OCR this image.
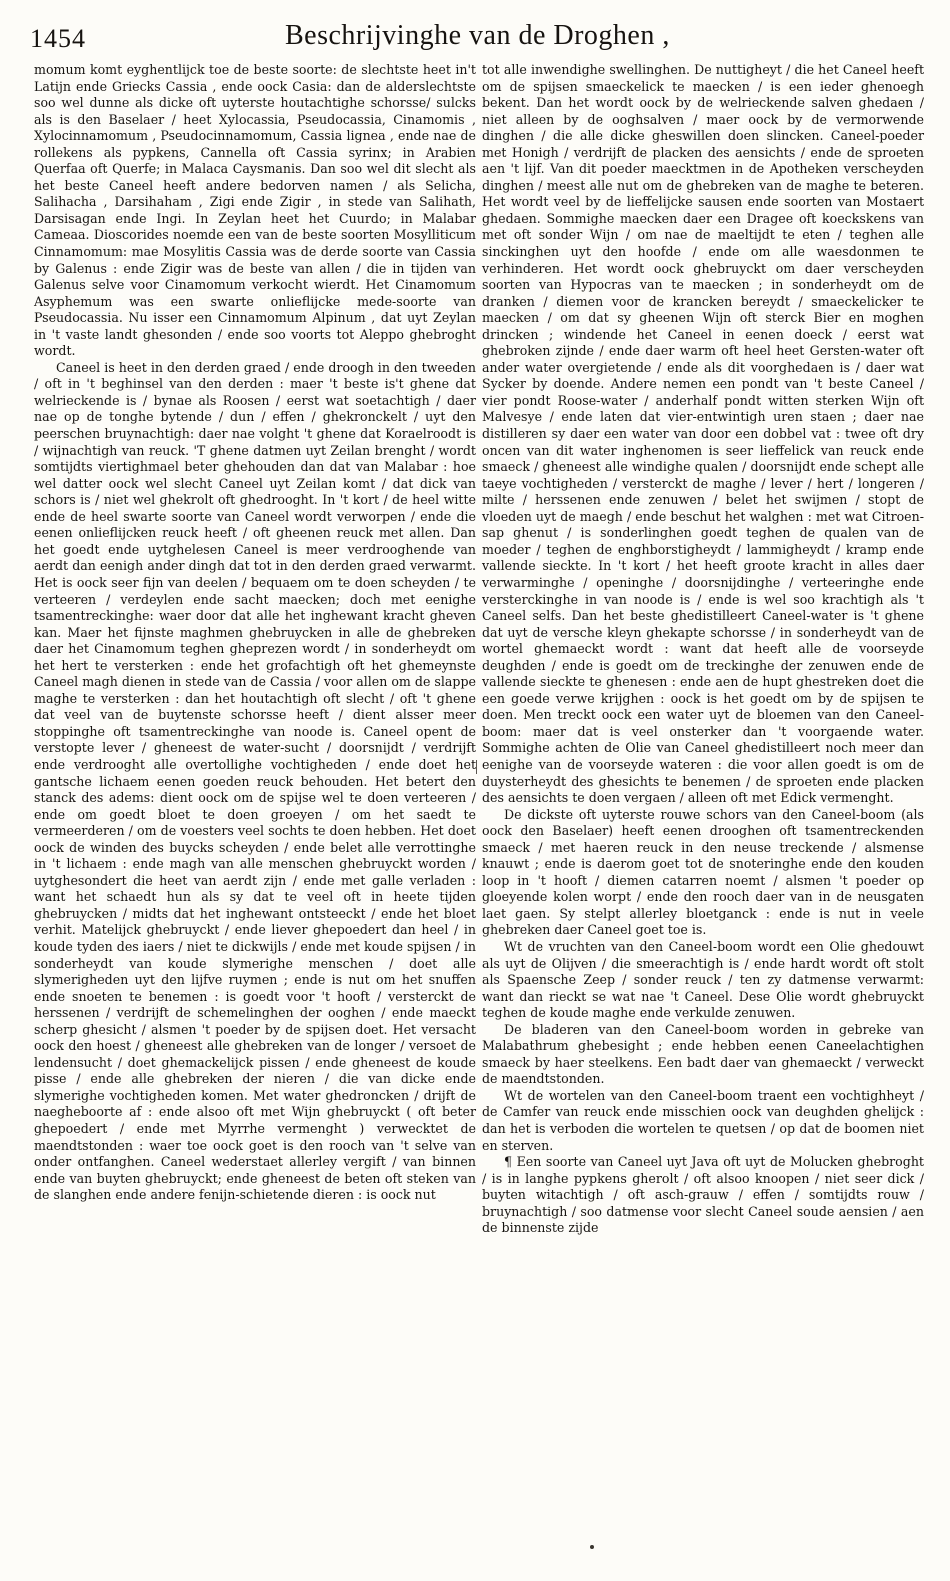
1454	Beschrijvinghe van de Droghen ,

momum komt eyghentlijck toe de beste soorte: de slechtste heet in't Latijn ende Griecks Cassia , ende oock Casia: dan de alderslechtste soo wel dunne als dicke oft uyterste houtachtighe schorsse/ sulcks als is den Baselaer / heet Xylocassia, Pseudocassia, Cinamomis , Xylocinnamomum , Pseudocinnamomum, Cassia lignea , ende nae de rollekens als pypkens, Cannella oft Cassia syrinx; in Arabien Querfaa oft Querfe; in Malaca Caysmanis. Dan soo wel dit slecht als het beste Caneel heeft andere bedorven namen / als Selicha, Salihacha , Darsihaham , Zigi ende Zigir , in stede van Salihath, Darsisagan ende Ingi. In Zeylan heet het Cuurdo; in Malabar Cameaa. Dioscorides noemde een van de beste soorten Mosylliticum Cinnamomum: mae Mosylitis Cassia was de derde soorte van Cassia by Galenus : ende Zigir was de beste van allen / die in tijden van Galenus selve voor Cinamomum verkocht wierdt. Het Cinamomum Asyphemum was een swarte onlieflijcke mede-soorte van Pseudocassia. Nu isser een Cinnamomum Alpinum , dat uyt Zeylan in 't vaste landt ghesonden / ende soo voorts tot Aleppo ghebroght wordt.

Caneel is heet in den derden graed / ende droogh in den tweeden / oft in 't beghinsel van den derden : maer 't beste is't ghene dat welrieckende is / bynae als Roosen / eerst wat soetachtigh / daer nae op de tonghe bytende / dun / effen / ghekronckelt / uyt den peerschen bruynachtigh: daer nae volght 't ghene dat Koraelroodt is / wijnachtigh van reuck. 'T ghene datmen uyt Zeilan brenght / wordt somtijdts viertighmael beter ghehouden dan dat van Malabar : hoe wel datter oock wel slecht Caneel uyt Zeilan komt / dat dick van schors is / niet wel ghekrolt oft ghedrooght. In 't kort / de heel witte ende de heel swarte soorte van Caneel wordt verworpen / ende die eenen onlieflijcken reuck heeft / oft gheenen reuck met allen. Dan het goedt ende uytghelesen Caneel is meer verdrooghende van aerdt dan eenigh ander dingh dat tot in den derden graed verwarmt. Het is oock seer fijn van deelen / bequaem om te doen scheyden / te verteeren / verdeylen ende sacht maecken; doch met eenighe tsamentreckinghe: waer door dat alle het inghewant kracht gheven kan. Maer het fijnste maghmen ghebruycken in alle de ghebreken daer het Cinamomum teghen gheprezen wordt / in sonderheydt om het hert te versterken : ende het grofachtigh oft het ghemeynste Caneel magh dienen in stede van de Cassia / voor allen om de slappe maghe te versterken : dan het houtachtigh oft slecht / oft 't ghene dat veel van de buytenste schorsse heeft / dient alsser meer stoppinghe oft tsamentreckinghe van noode is. Caneel opent de verstopte lever / gheneest de water-sucht / doorsnijdt / verdrijft ende verdrooght alle overtollighe vochtigheden / ende doet het gantsche lichaem eenen goeden reuck behouden. Het betert den stanck des adems: dient oock om de spijse wel te doen verteeren / ende om goedt bloet te doen groeyen / om het saedt te vermeerderen / om de voesters veel sochts te doen hebben. Het doet oock de winden des buycks scheyden / ende belet alle verrottinghe in 't lichaem : ende magh van alle menschen ghebruyckt worden / uytghesondert die heet van aerdt zijn / ende met galle verladen : want het schaedt hun als sy dat te veel oft in heete tijden ghebruycken / midts dat het inghewant ontsteeckt / ende het bloet verhit. Matelijck ghebruyckt / ende liever ghepoedert dan heel / in koude tyden des iaers / niet te dickwijls / ende met koude spijsen / in sonderheydt van koude slymerighe menschen / doet alle slymerigheden uyt den lijfve ruymen ; ende is nut om het snuffen ende snoeten te benemen : is goedt voor 't hooft / versterckt de herssenen / verdrijft de schemelinghen der ooghen / ende maeckt scherp ghesicht / alsmen 't poeder by de spijsen doet. Het versacht oock den hoest / gheneest alle ghebreken van de longer / versoet de lendensucht / doet ghemackelijck pissen / ende gheneest de koude pisse / ende alle ghebreken der nieren / die van dicke ende slymerighe vochtigheden komen. Met water ghedroncken / drijft de naegheboorte af : ende alsoo oft met Wijn ghebruyckt ( oft beter ghepoedert / ende met Myrrhe vermenght ) verwecktet de maendtstonden : waer toe oock goet is den rooch van 't selve van onder ontfanghen. Caneel wederstaet allerley vergift / van binnen ende van buyten ghebruyckt; ende gheneest de beten oft steken van de slanghen ende andere fenijn-schietende dieren : is oock nut

tot alle inwendighe swellinghen. De nuttigheyt / die het Caneel heeft om de spijsen smaeckelick te maecken / is een ieder ghenoegh bekent. Dan het wordt oock by de welrieckende salven ghedaen / niet alleen by de ooghsalven / maer oock by de vermorwende dinghen / die alle dicke gheswillen doen slincken. Caneel-poeder met Honigh / verdrijft de placken des aensichts / ende de sproeten aen 't lijf. Van dit poeder maecktmen in de Apotheken verscheyden dinghen / meest alle nut om de ghebreken van de maghe te beteren. Het wordt veel by de lieffelijcke sausen ende soorten van Mostaert ghedaen. Sommighe maecken daer een Dragee oft koeckskens van met oft sonder Wijn / om nae de maeltijdt te eten / teghen alle sinckinghen uyt den hoofde / ende om alle waesdonmen te verhinderen. Het wordt oock ghebruyckt om daer verscheyden soorten van Hypocras van te maecken ; in sonderheydt om de dranken / diemen voor de krancken bereydt / smaeckelicker te maecken / om dat sy gheenen Wijn oft sterck Bier en moghen drincken ; windende het Caneel in eenen doeck / eerst wat ghebroken zijnde / ende daer warm oft heel heet Gersten-water oft ander water overgietende / ende als dit voorghedaen is / daer wat Sycker by doende. Andere nemen een pondt van 't beste Caneel / vier pondt Roose-water / anderhalf pondt witten sterken Wijn oft Malvesye / ende laten dat vier-entwintigh uren staen ; daer nae distilleren sy daer een water van door een dobbel vat : twee oft dry oncen van dit water inghenomen is seer lieffelick van reuck ende smaeck / gheneest alle windighe qualen / doorsnijdt ende schept alle taeye vochtigheden / versterckt de maghe / lever / hert / longeren / milte / herssenen ende zenuwen / belet het swijmen / stopt de vloeden uyt de maegh / ende beschut het walghen : met wat Citroen-sap ghenut / is sonderlinghen goedt teghen de qualen van de moeder / teghen de enghborstigheydt / lammigheydt / kramp ende vallende sieckte. In 't kort / het heeft groote kracht in alles daer verwarminghe / openinghe / doorsnijdinghe / verteeringhe ende versterckinghe in van noode is / ende is wel soo krachtigh als 't Caneel selfs. Dan het beste ghedistilleert Caneel-water is 't ghene dat uyt de versche kleyn ghekapte schorsse / in sonderheydt van de wortel ghemaeckt wordt : want dat heeft alle de voorseyde deughden / ende is goedt om de treckinghe der zenuwen ende de vallende sieckte te ghenesen : ende aen de hupt ghestreken doet die een goede verwe krijghen : oock is het goedt om by de spijsen te doen. Men treckt oock een water uyt de bloemen van den Caneel-boom: maer dat is veel onsterker dan 't voorgaende water. Sommighe achten de Olie van Caneel ghedistilleert noch meer dan eenighe van de voorseyde wateren : die voor allen goedt is om de duysterheydt des ghesichts te benemen / de sproeten ende placken des aensichts te doen vergaen / alleen oft met Edick vermenght.

De dickste oft uyterste rouwe schors van den Caneel-boom (als oock den Baselaer) heeft eenen drooghen oft tsamentreckenden smaeck / met haeren reuck in den neuse treckende / alsmense knauwt ; ende is daerom goet tot de snoteringhe ende den kouden loop in 't hooft / diemen catarren noemt / alsmen 't poeder op gloeyende kolen worpt / ende den rooch daer van in de neusgaten laet gaen. Sy stelpt allerley bloetganck : ende is nut in veele ghebreken daer Caneel goet toe is.

Wt de vruchten van den Caneel-boom wordt een Olie ghedouwt als uyt de Olijven / die smeerachtigh is / ende hardt wordt oft stolt als Spaensche Zeep / sonder reuck / ten zy datmense verwarmt: want dan rieckt se wat nae 't Caneel. Dese Olie wordt ghebruyckt teghen de koude maghe ende verkulde zenuwen.

De bladeren van den Caneel-boom worden in gebreke van Malabathrum ghebesight ; ende hebben eenen Caneelachtighen smaeck by haer steelkens. Een badt daer van ghemaeckt / verweckt de maendtstonden.

Wt de wortelen van den Caneel-boom traent een vochtighheyt / de Camfer van reuck ende misschien oock van deughden ghelijck : dan het is verboden die wortelen te quetsen / op dat de boomen niet en sterven.

¶ Een soorte van Caneel uyt Java oft uyt de Molucken ghebroght / is in langhe pypkens gherolt / oft alsoo knoopen / niet seer dick / buyten witachtigh / oft asch-grauw / effen / somtijdts rouw / bruynachtigh / soo datmense voor slecht Caneel soude aensien / aen de binnenste zijde
